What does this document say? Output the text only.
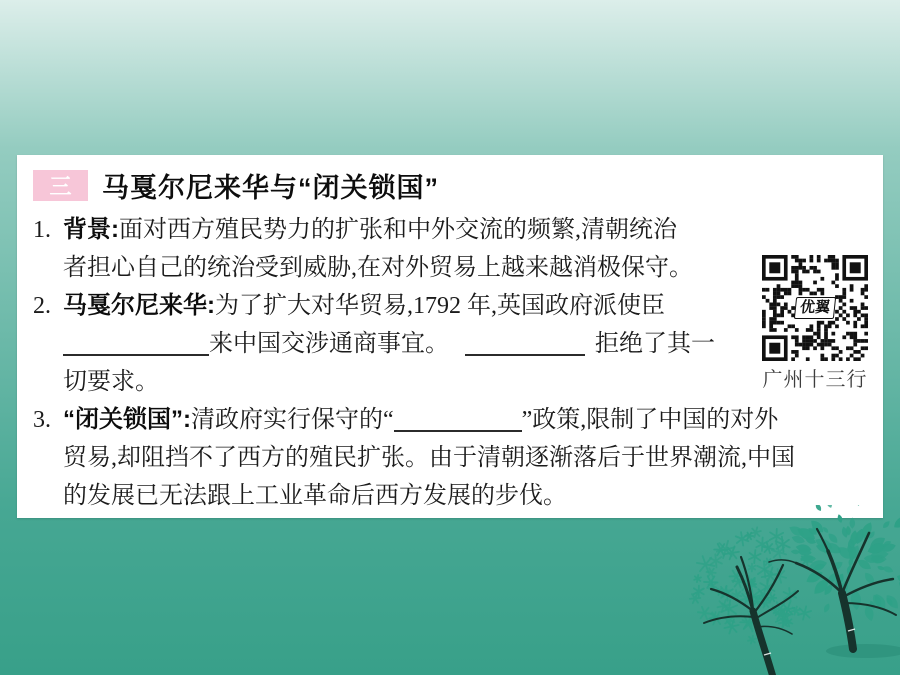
三	马戛尔尼来华与“闭关锁国”
优翼
广州十三行
1. 背景:面对西方殖民势力的扩张和中外交流的频繁,清朝统治
者担心自己的统治受到威胁,在对外贸易上越来越消极保守。
2. 马戛尔尼来华:为了扩大对华贸易,1792 年,英国政府派使臣
来中国交涉通商事宜。	拒绝了其一
切要求。
3. “闭关锁国”:清政府实行保守的“	”政策,限制了中国的对外
贸易,却阻挡不了西方的殖民扩张。由于清朝逐渐落后于世界潮流,中国
的发展已无法跟上工业革命后西方发展的步伐。
